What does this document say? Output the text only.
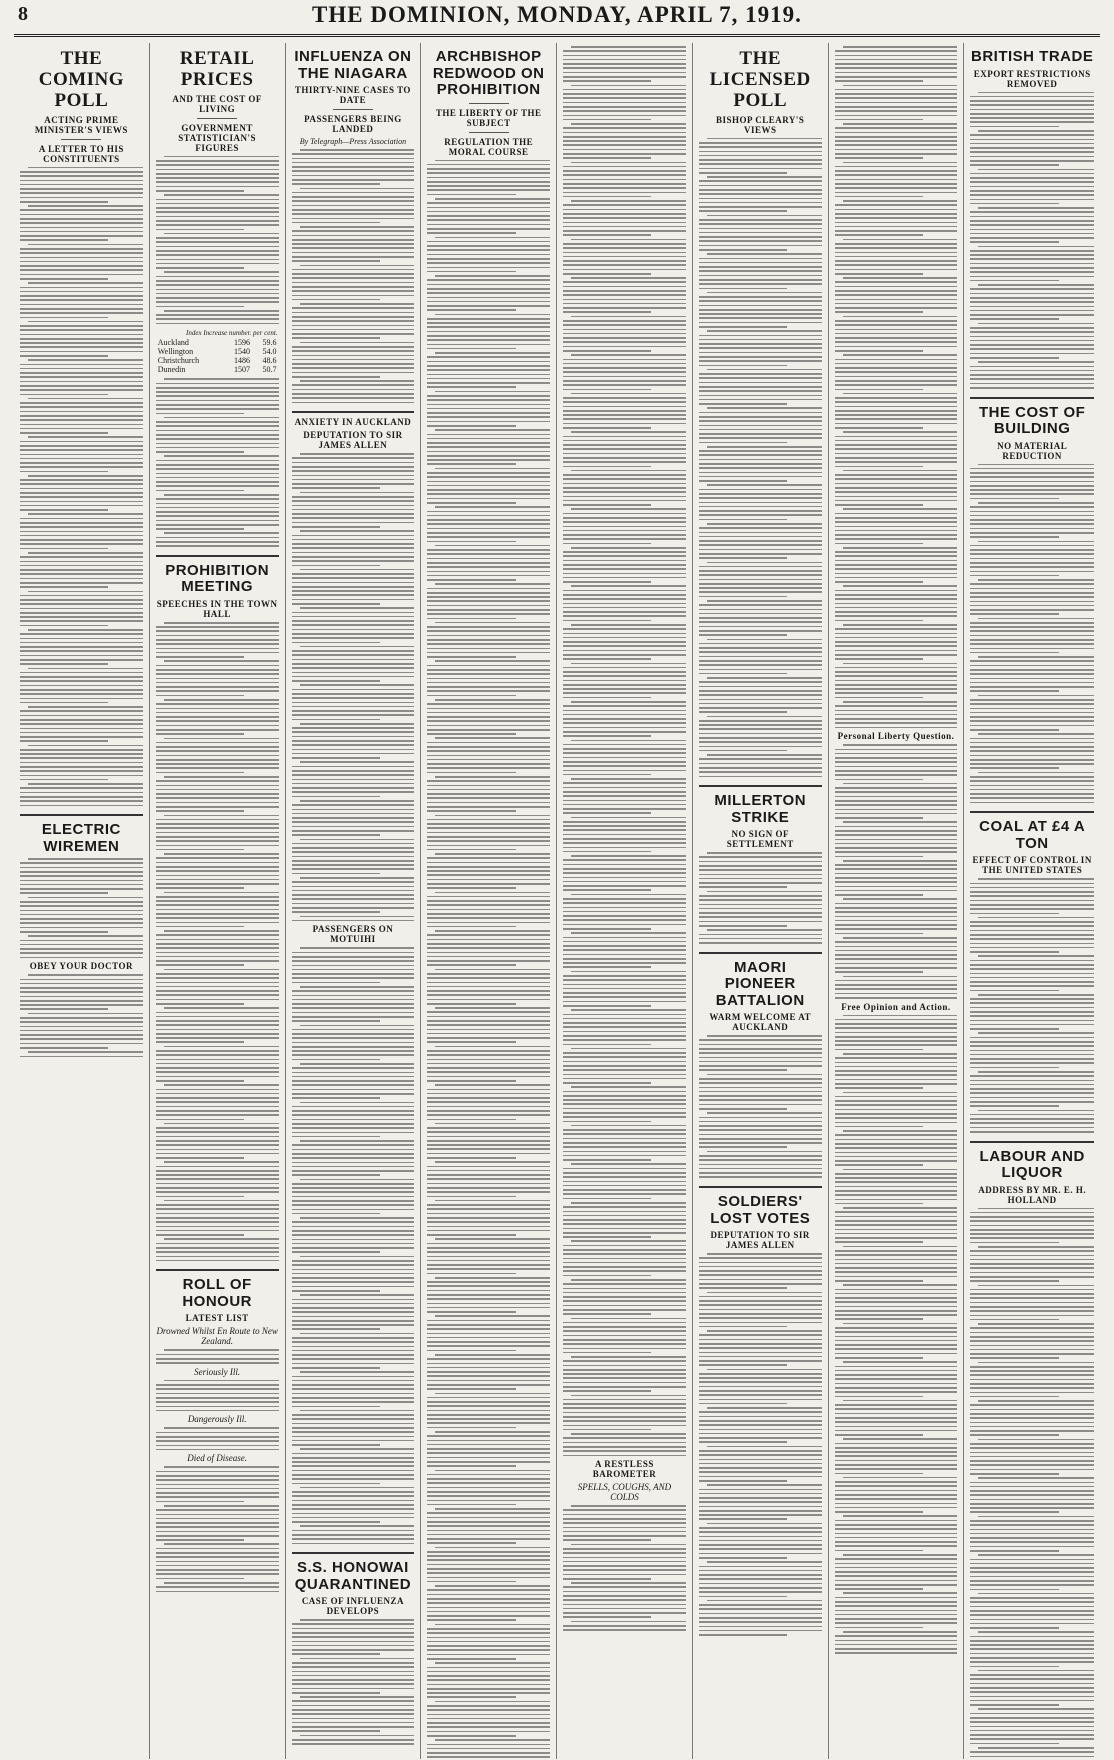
8	THE DOMINION, MONDAY, APRIL 7, 1919.
THE COMING POLL
ACTING PRIME MINISTER'S VIEWS
A LETTER TO HIS CONSTITUENTS
ELECTRIC WIREMEN
OBEY YOUR DOCTOR
RETAIL PRICES
AND THE COST OF LIVING
GOVERNMENT STATISTICIAN'S FIGURES
Index Increase number. per cent.		
Auckland	1596	59.6
Wellington	1540	54.0
Christchurch	1486	48.6
Dunedin	1507	50.7
PROHIBITION MEETING
SPEECHES IN THE TOWN HALL
ROLL OF HONOUR
LATEST LIST
Drowned Whilst En Route to New Zealand.
Seriously Ill.
Dangerously Ill.
Died of Disease.
INFLUENZA ON THE NIAGARA
THIRTY-NINE CASES TO DATE
PASSENGERS BEING LANDED
By Telegraph—Press Association
ANXIETY IN AUCKLAND
DEPUTATION TO SIR JAMES ALLEN
PASSENGERS ON MOTUIHI
S.S. HONOWAI QUARANTINED
CASE OF INFLUENZA DEVELOPS
ARCHBISHOP REDWOOD ON PROHIBITION
THE LIBERTY OF THE SUBJECT
REGULATION THE MORAL COURSE
A RESTLESS BAROMETER
SPELLS, COUGHS, AND COLDS
THE LICENSED POLL
BISHOP CLEARY'S VIEWS
MILLERTON STRIKE
NO SIGN OF SETTLEMENT
MAORI PIONEER BATTALION
WARM WELCOME AT AUCKLAND
SOLDIERS' LOST VOTES
DEPUTATION TO SIR JAMES ALLEN
Personal Liberty Question.
Free Opinion and Action.
BRITISH TRADE
EXPORT RESTRICTIONS REMOVED
THE COST OF BUILDING
NO MATERIAL REDUCTION
COAL AT £4 A TON
EFFECT OF CONTROL IN THE UNITED STATES
LABOUR AND LIQUOR
ADDRESS BY MR. E. H. HOLLAND
